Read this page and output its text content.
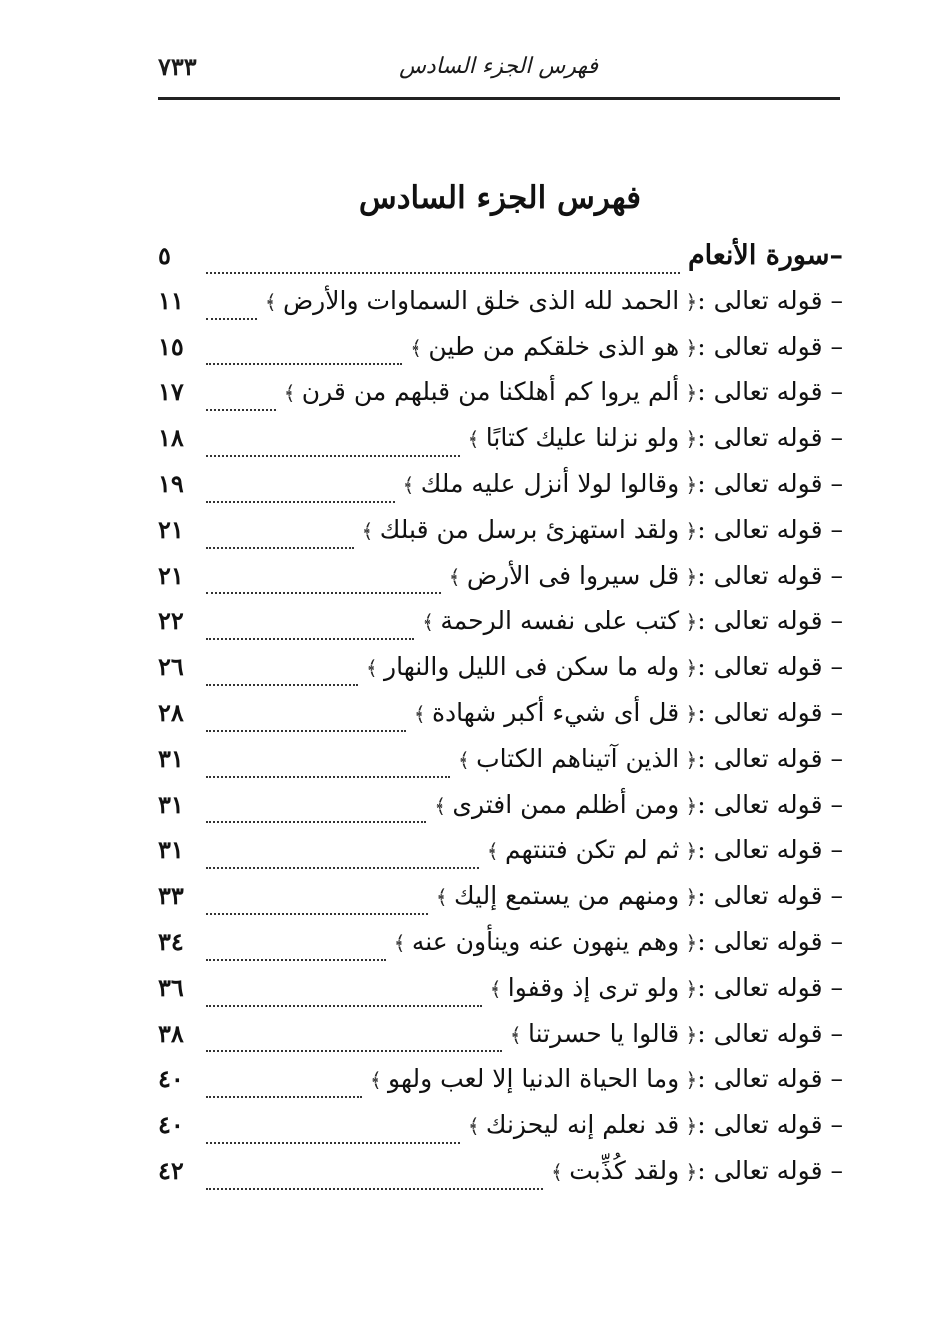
فهرس الجزء السادس
٧٣٣
فهرس الجزء السادس
–
سورة الأنعام
٥
– قوله تعالى :
﴿ الحمد لله الذى خلق السماوات والأرض ﴾
١١
– قوله تعالى :
﴿ هو الذى خلقكم من طين ﴾
١٥
– قوله تعالى :
﴿ ألم يروا كم أهلكنا من قبلهم من قرن ﴾
١٧
– قوله تعالى :
﴿ ولو نزلنا عليك كتابًا ﴾
١٨
– قوله تعالى :
﴿ وقالوا لولا أنزل عليه ملك ﴾
١٩
– قوله تعالى :
﴿ ولقد استهزئ برسل من قبلك ﴾
٢١
– قوله تعالى :
﴿ قل سيروا فى الأرض ﴾
٢١
– قوله تعالى :
﴿ كتب على نفسه الرحمة ﴾
٢٢
– قوله تعالى :
﴿ وله ما سكن فى الليل والنهار ﴾
٢٦
– قوله تعالى :
﴿ قل أى شيء أكبر شهادة ﴾
٢٨
– قوله تعالى :
﴿ الذين آتيناهم الكتاب ﴾
٣١
– قوله تعالى :
﴿ ومن أظلم ممن افترى ﴾
٣١
– قوله تعالى :
﴿ ثم لم تكن فتنتهم ﴾
٣١
– قوله تعالى :
﴿ ومنهم من يستمع إليك ﴾
٣٣
– قوله تعالى :
﴿ وهم ينهون عنه وينأون عنه ﴾
٣٤
– قوله تعالى :
﴿ ولو ترى إذ وقفوا ﴾
٣٦
– قوله تعالى :
﴿ قالوا يا حسرتنا ﴾
٣٨
– قوله تعالى :
﴿ وما الحياة الدنيا إلا لعب ولهو ﴾
٤٠
– قوله تعالى :
﴿ قد نعلم إنه ليحزنك ﴾
٤٠
– قوله تعالى :
﴿ ولقد كُذِّبت ﴾
٤٢
